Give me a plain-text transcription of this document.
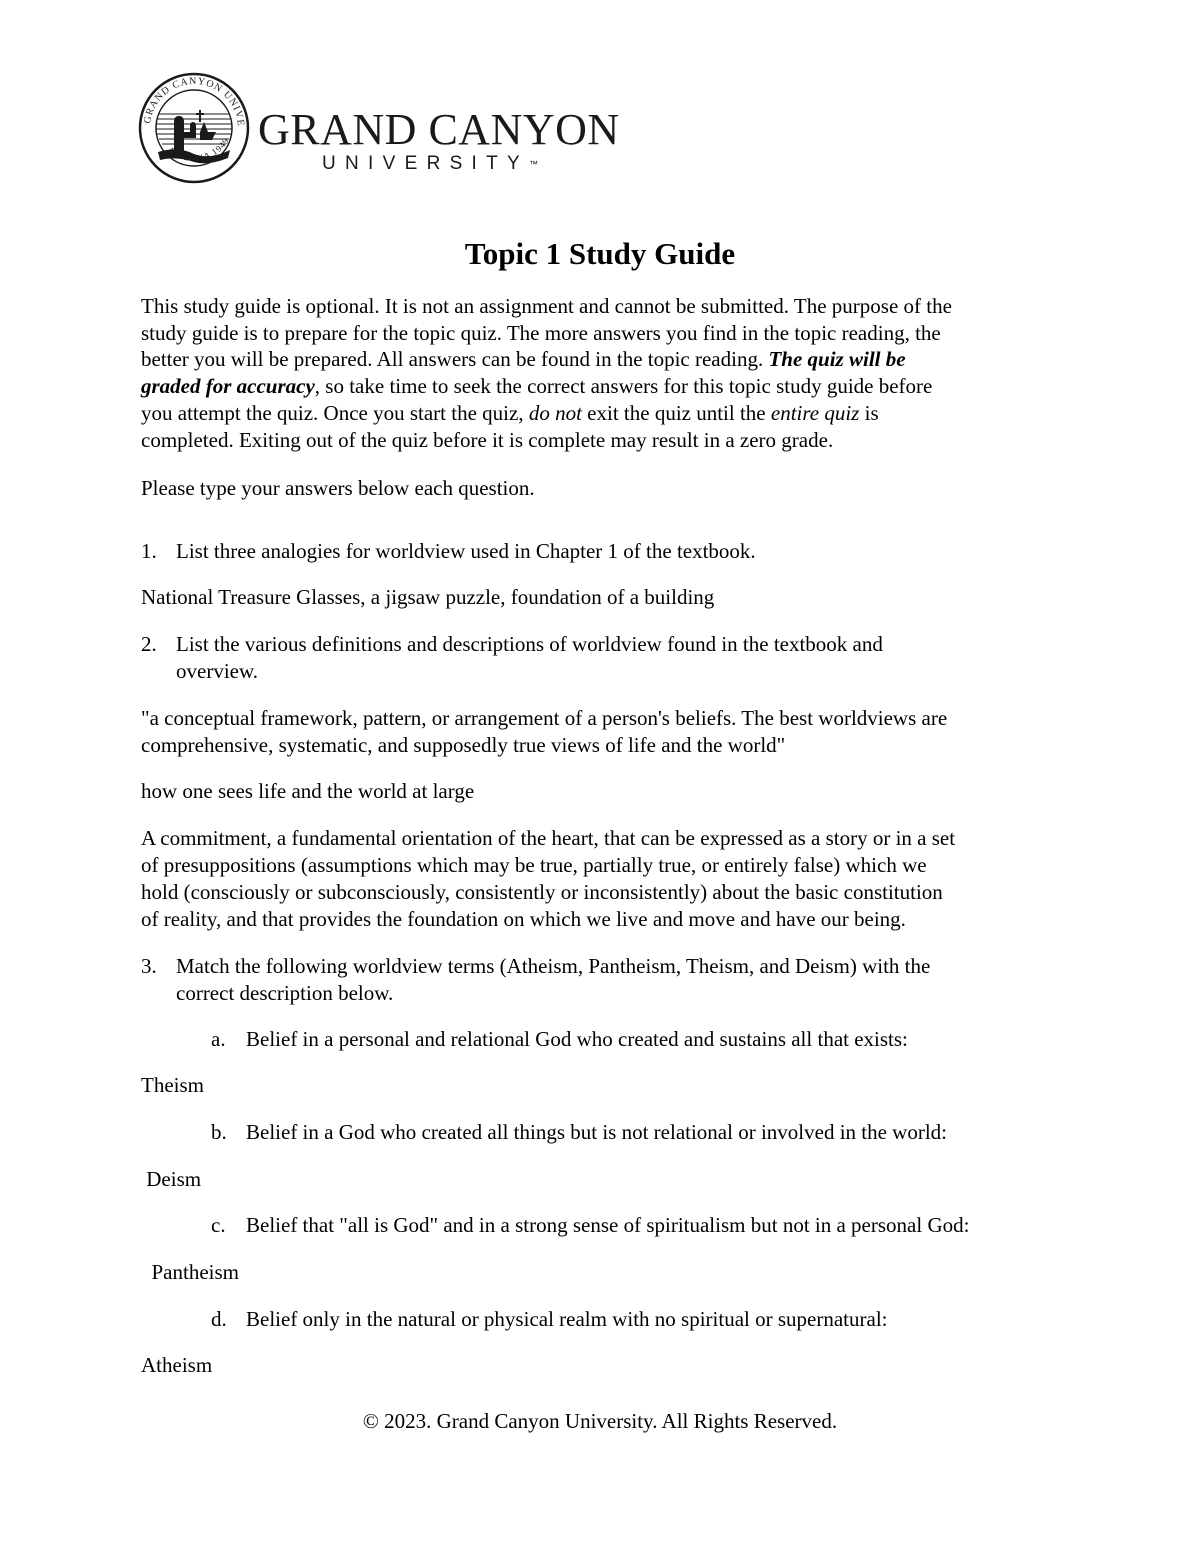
GRAND CANYON UNIVE
ARIZONA 1949 GRAND CANYON
UNIVERSITY™
Topic 1 Study Guide
This study guide is optional. It is not an assignment and cannot be submitted. The purpose of the
study guide is to prepare for the topic quiz. The more answers you find in the topic reading, the
better you will be prepared. All answers can be found in the topic reading. The quiz will be
graded for accuracy, so take time to seek the correct answers for this topic study guide before
you attempt the quiz. Once you start the quiz, do not exit the quiz until the entire quiz is
completed. Exiting out of the quiz before it is complete may result in a zero grade.
Please type your answers below each question.
1. List three analogies for worldview used in Chapter 1 of the textbook.
National Treasure Glasses, a jigsaw puzzle, foundation of a building
2. List the various definitions and descriptions of worldview found in the textbook and
overview.
"a conceptual framework, pattern, or arrangement of a person's beliefs. The best worldviews are
comprehensive, systematic, and supposedly true views of life and the world"
how one sees life and the world at large
A commitment, a fundamental orientation of the heart, that can be expressed as a story or in a set
of presuppositions (assumptions which may be true, partially true, or entirely false) which we
hold (consciously or subconsciously, consistently or inconsistently) about the basic constitution
of reality, and that provides the foundation on which we live and move and have our being.
3. Match the following worldview terms (Atheism, Pantheism, Theism, and Deism) with the
correct description below.
a. Belief in a personal and relational God who created and sustains all that exists:
Theism
b. Belief in a God who created all things but is not relational or involved in the world:
Deism
c. Belief that "all is God" and in a strong sense of spiritualism but not in a personal God:
Pantheism
d. Belief only in the natural or physical realm with no spiritual or supernatural:
Atheism
© 2023. Grand Canyon University. All Rights Reserved.
